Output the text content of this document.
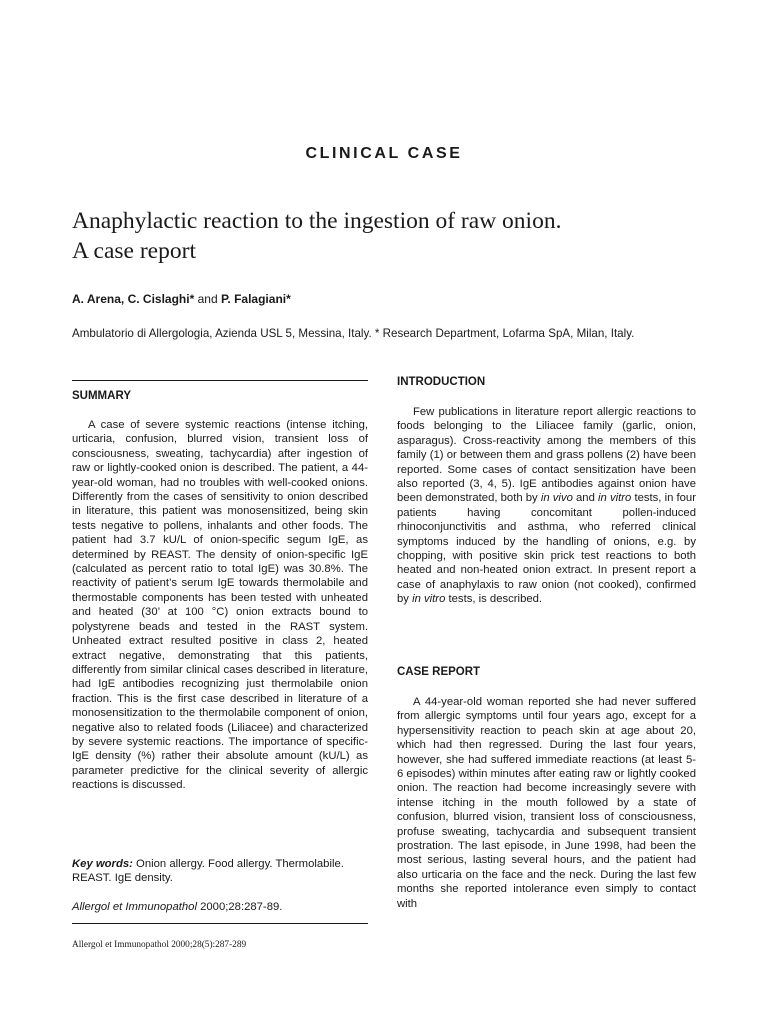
CLINICAL CASE
Anaphylactic reaction to the ingestion of raw onion.
A case report
A. Arena, C. Cislaghi* and P. Falagiani*
Ambulatorio di Allergologia, Azienda USL 5, Messina, Italy. * Research Department, Lofarma SpA, Milan, Italy.
SUMMARY

A case of severe systemic reactions (intense itching, urticaria, confusion, blurred vision, transient loss of consciousness, sweating, tachycardia) after ingestion of raw or lightly-cooked onion is described. The patient, a 44-year-old woman, had no troubles with well-cooked onions. Differently from the cases of sensitivity to onion described in literature, this patient was monosensitized, being skin tests negative to pollens, inhalants and other foods. The patient had 3.7 kU/L of onion-specific segum IgE, as determined by REAST. The density of onion-specific IgE (calculated as percent ratio to total IgE) was 30.8%. The reactivity of patient’s serum IgE towards thermolabile and thermostable components has been tested with unheated and heated (30’ at 100 °C) onion extracts bound to polystyrene beads and tested in the RAST system. Unheated extract resulted positive in class 2, heated extract negative, demonstrating that this patients, differently from similar clinical cases described in literature, had IgE antibodies recognizing just thermolabile onion fraction. This is the first case described in literature of a monosensitization to the thermolabile component of onion, negative also to related foods (Liliacee) and characterized by severe systemic reactions. The importance of specific-IgE density (%) rather their absolute amount (kU/L) as parameter predictive for the clinical severity of allergic reactions is discussed.

Key words: Onion allergy. Food allergy. Thermolabile. REAST. IgE density.
Allergol et Immunopathol 2000;28:287-89.
Allergol et Immunopathol 2000;28(5):287-289
INTRODUCTION

Few publications in literature report allergic reactions to foods belonging to the Liliacee family (garlic, onion, asparagus). Cross-reactivity among the members of this family (1) or between them and grass pollens (2) have been reported. Some cases of contact sensitization have been also reported (3, 4, 5). IgE antibodies against onion have been demonstrated, both by in vivo and in vitro tests, in four patients having concomitant pollen-induced rhinoconjunctivitis and asthma, who referred clinical symptoms induced by the handling of onions, e.g. by chopping, with positive skin prick test reactions to both heated and non-heated onion extract. In present report a case of anaphylaxis to raw onion (not cooked), confirmed by in vitro tests, is described.

CASE REPORT

A 44-year-old woman reported she had never suffered from allergic symptoms until four years ago, except for a hypersensitivity reaction to peach skin at age about 20, which had then regressed. During the last four years, however, she had suffered immediate reactions (at least 5-6 episodes) within minutes after eating raw or lightly cooked onion. The reaction had become increasingly severe with intense itching in the mouth followed by a state of confusion, blurred vision, transient loss of consciousness, profuse sweating, tachycardia and subsequent transient prostration. The last episode, in June 1998, had been the most serious, lasting several hours, and the patient had also urticaria on the face and the neck. During the last few months she reported intolerance even simply to contact with
